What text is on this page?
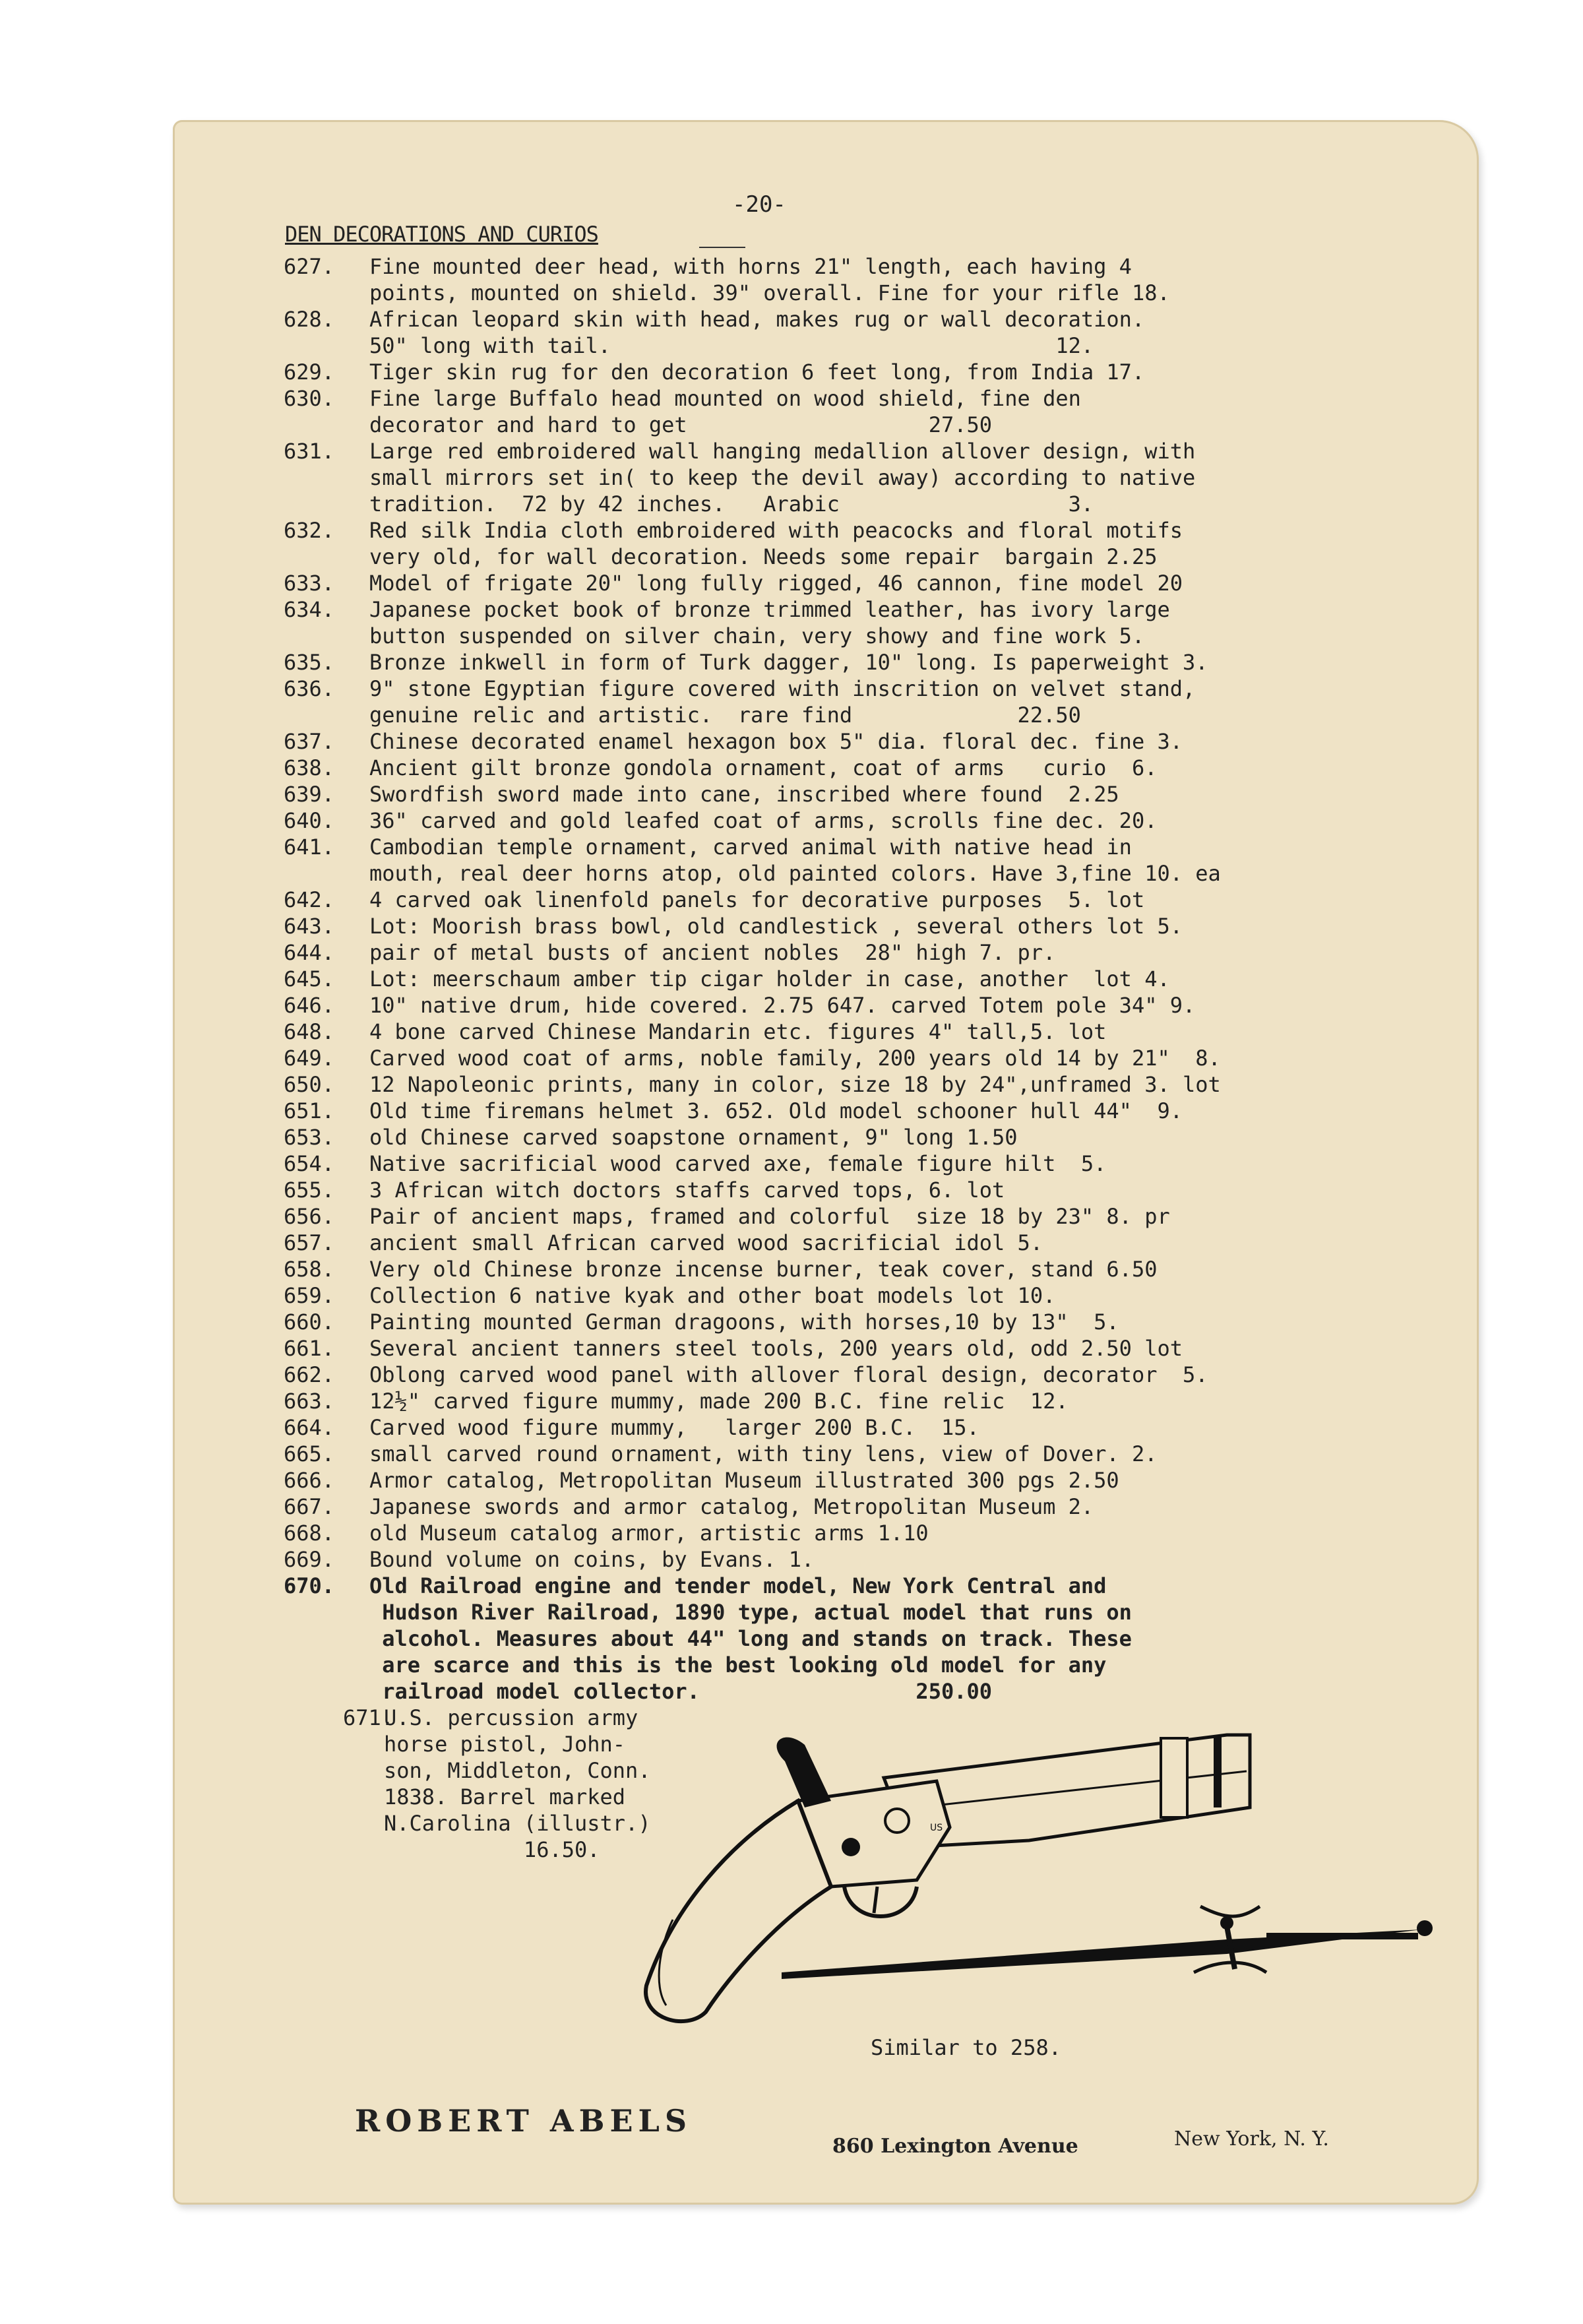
-20-
DEN DECORATIONS AND CURIOS
627.	Fine mounted deer head, with horns 21" length, each having 4
points, mounted on shield. 39" overall. Fine for your rifle 18.
628.	African leopard skin with head, makes rug or wall decoration.
50" long with tail.                                   12.
629.	Tiger skin rug for den decoration 6 feet long, from India 17.
630.	Fine large Buffalo head mounted on wood shield, fine den
decorator and hard to get                   27.50
631.	Large red embroidered wall hanging medallion allover design, with
small mirrors set in( to keep the devil away) according to native
tradition.  72 by 42 inches.   Arabic                  3.
632.	Red silk India cloth embroidered with peacocks and floral motifs
very old, for wall decoration. Needs some repair  bargain 2.25
633.	Model of frigate 20" long fully rigged, 46 cannon, fine model 20
634.	Japanese pocket book of bronze trimmed leather, has ivory large
button suspended on silver chain, very showy and fine work 5.
635.	Bronze inkwell in form of Turk dagger, 10" long. Is paperweight 3.
636.	9" stone Egyptian figure covered with inscrition on velvet stand,
genuine relic and artistic.  rare find             22.50
637.	Chinese decorated enamel hexagon box 5" dia. floral dec. fine 3.
638.	Ancient gilt bronze gondola ornament, coat of arms   curio  6.
639.	Swordfish sword made into cane, inscribed where found  2.25
640.	36" carved and gold leafed coat of arms, scrolls fine dec. 20.
641.	Cambodian temple ornament, carved animal with native head in
mouth, real deer horns atop, old painted colors. Have 3,fine 10. ea
642.	4 carved oak linenfold panels for decorative purposes  5. lot
643.	Lot: Moorish brass bowl, old candlestick , several others lot 5.
644.	pair of metal busts of ancient nobles  28" high 7. pr.
645.	Lot: meerschaum amber tip cigar holder in case, another  lot 4.
646.	10" native drum, hide covered. 2.75 647. carved Totem pole 34" 9.
648.	4 bone carved Chinese Mandarin etc. figures 4" tall,5. lot
649.	Carved wood coat of arms, noble family, 200 years old 14 by 21"  8.
650.	12 Napoleonic prints, many in color, size 18 by 24",unframed 3. lot
651.	Old time firemans helmet 3. 652. Old model schooner hull 44"  9.
653.	old Chinese carved soapstone ornament, 9" long 1.50
654.	Native sacrificial wood carved axe, female figure hilt  5.
655.	3 African witch doctors staffs carved tops, 6. lot
656.	Pair of ancient maps, framed and colorful  size 18 by 23" 8. pr
657.	ancient small African carved wood sacrificial idol 5.
658.	Very old Chinese bronze incense burner, teak cover, stand 6.50
659.	Collection 6 native kyak and other boat models lot 10.
660.	Painting mounted German dragoons, with horses,10 by 13"  5.
661.	Several ancient tanners steel tools, 200 years old, odd 2.50 lot
662.	Oblong carved wood panel with allover floral design, decorator  5.
663.	12½" carved figure mummy, made 200 B.C. fine relic  12.
664.	Carved wood figure mummy,   larger 200 B.C.  15.
665.	small carved round ornament, with tiny lens, view of Dover. 2.
666.	Armor catalog, Metropolitan Museum illustrated 300 pgs 2.50
667.	Japanese swords and armor catalog, Metropolitan Museum 2.
668.	old Museum catalog armor, artistic arms 1.10
669.	Bound volume on coins, by Evans. 1.
670.	Old Railroad engine and tender model, New York Central and
Hudson River Railroad, 1890 type, actual model that runs on
alcohol. Measures about 44" long and stands on track. These
are scarce and this is the best looking old model for any
railroad model collector.                 250.00
671.
U.S. percussion army
horse pistol, John-
son, Middleton, Conn.
1838. Barrel marked
N.Carolina (illustr.)
16.50.
US
Similar to 258.
ROBERT ABELS
860 Lexington Avenue	New York, N. Y.
